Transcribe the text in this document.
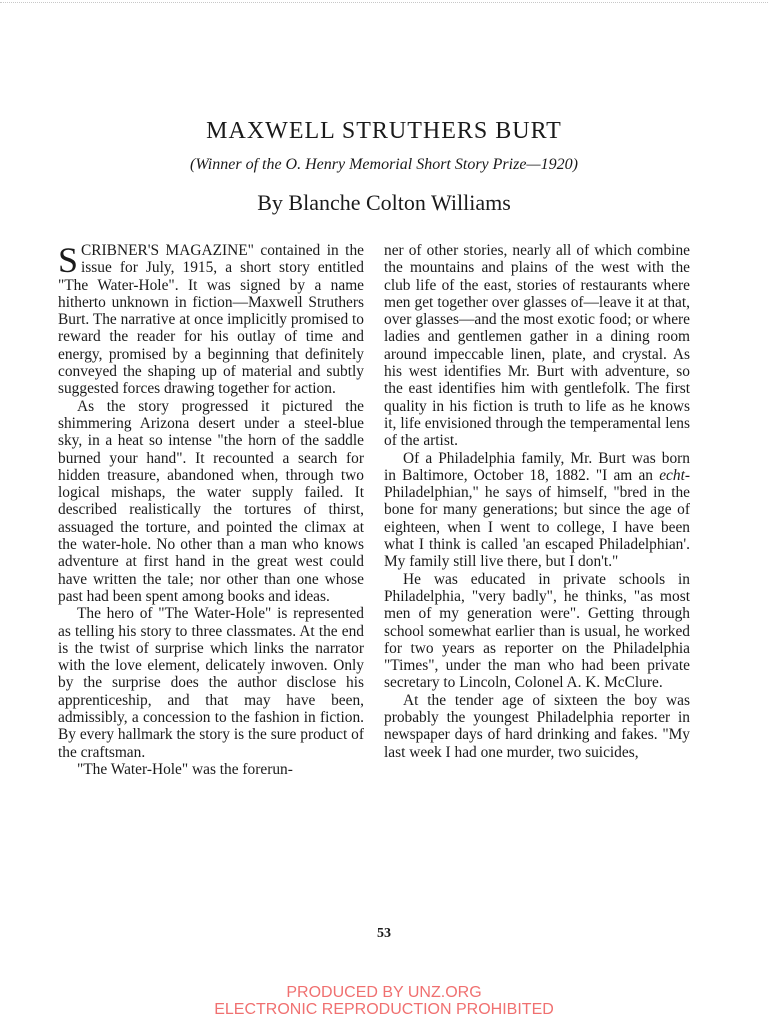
MAXWELL STRUTHERS BURT
(Winner of the O. Henry Memorial Short Story Prize—1920)
By Blanche Colton Williams

SCRIBNER'S MAGAZINE" contained in the issue for July, 1915, a short story entitled "The Water-Hole". It was signed by a name hitherto unknown in fiction—Maxwell Struthers Burt. The narrative at once implicitly promised to reward the reader for his outlay of time and energy, promised by a beginning that definitely conveyed the shaping up of material and subtly suggested forces drawing together for action.

As the story progressed it pictured the shimmering Arizona desert under a steel-blue sky, in a heat so intense "the horn of the saddle burned your hand". It recounted a search for hidden treasure, abandoned when, through two logical mishaps, the water supply failed. It described realistically the tortures of thirst, assuaged the torture, and pointed the climax at the water-hole. No other than a man who knows adventure at first hand in the great west could have written the tale; nor other than one whose past had been spent among books and ideas.

The hero of "The Water-Hole" is represented as telling his story to three classmates. At the end is the twist of surprise which links the narrator with the love element, delicately inwoven. Only by the surprise does the author disclose his apprenticeship, and that may have been, admissibly, a concession to the fashion in fiction. By every hallmark the story is the sure product of the craftsman.

"The Water-Hole" was the forerun-

ner of other stories, nearly all of which combine the mountains and plains of the west with the club life of the east, stories of restaurants where men get together over glasses of—leave it at that, over glasses—and the most exotic food; or where ladies and gentlemen gather in a dining room around impeccable linen, plate, and crystal. As his west identifies Mr. Burt with adventure, so the east identifies him with gentlefolk. The first quality in his fiction is truth to life as he knows it, life envisioned through the temperamental lens of the artist.

Of a Philadelphia family, Mr. Burt was born in Baltimore, October 18, 1882. "I am an echt-Philadelphian," he says of himself, "bred in the bone for many generations; but since the age of eighteen, when I went to college, I have been what I think is called 'an escaped Philadelphian'. My family still live there, but I don't."

He was educated in private schools in Philadelphia, "very badly", he thinks, "as most men of my generation were". Getting through school somewhat earlier than is usual, he worked for two years as reporter on the Philadelphia "Times", under the man who had been private secretary to Lincoln, Colonel A. K. McClure.

At the tender age of sixteen the boy was probably the youngest Philadelphia reporter in newspaper days of hard drinking and fakes. "My last week I had one murder, two suicides,

53
PRODUCED BY UNZ.ORG
ELECTRONIC REPRODUCTION PROHIBITED
